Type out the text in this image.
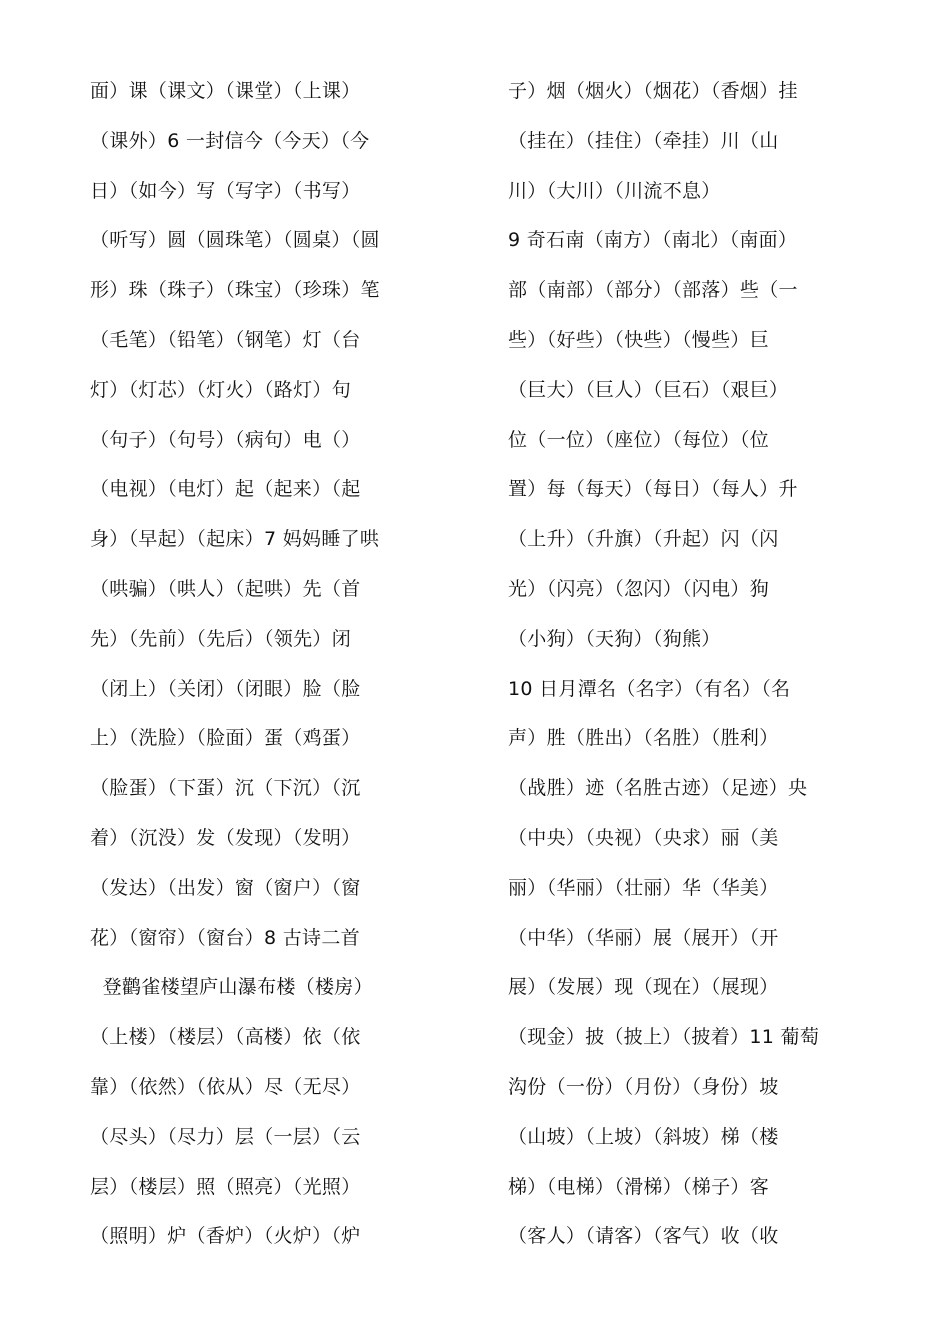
面）课（课文）（课堂）（上课）
（课外）6 一封信今（今天）（今
日）（如今）写（写字）（书写）
（听写）圆（圆珠笔）（圆桌）（圆
形）珠（珠子）（珠宝）（珍珠）笔
（毛笔）（铅笔）（钢笔）灯（台
灯）（灯芯）（灯火）（路灯）句
（句子）（句号）（病句）电（）
（电视）（电灯）起（起来）（起
身）（早起）（起床）7 妈妈睡了哄
（哄骗）（哄人）（起哄）先（首
先）（先前）（先后）（领先）闭
（闭上）（关闭）（闭眼）脸（脸
上）（洗脸）（脸面）蛋（鸡蛋）
（脸蛋）（下蛋）沉（下沉）（沉
着）（沉没）发（发现）（发明）
（发达）（出发）窗（窗户）（窗
花）（窗帘）（窗台）8 古诗二首
登鹳雀楼望庐山瀑布楼（楼房）
（上楼）（楼层）（高楼）依（依
靠）（依然）（依从）尽（无尽）
（尽头）（尽力）层（一层）（云
层）（楼层）照（照亮）（光照）
（照明）炉（香炉）（火炉）（炉
子）烟（烟火）（烟花）（香烟）挂
（挂在）（挂住）（牵挂）川（山
川）（大川）（川流不息）
9 奇石南（南方）（南北）（南面）
部（南部）（部分）（部落）些（一
些）（好些）（快些）（慢些）巨
（巨大）（巨人）（巨石）（艰巨）
位（一位）（座位）（每位）（位
置）每（每天）（每日）（每人）升
（上升）（升旗）（升起）闪（闪
光）（闪亮）（忽闪）（闪电）狗
（小狗）（天狗）（狗熊）
10 日月潭名（名字）（有名）（名
声）胜（胜出）（名胜）（胜利）
（战胜）迹（名胜古迹）（足迹）央
（中央）（央视）（央求）丽（美
丽）（华丽）（壮丽）华（华美）
（中华）（华丽）展（展开）（开
展）（发展）现（现在）（展现）
（现金）披（披上）（披着）11 葡萄
沟份（一份）（月份）（身份）坡
（山坡）（上坡）（斜坡）梯（楼
梯）（电梯）（滑梯）（梯子）客
（客人）（请客）（客气）收（收
